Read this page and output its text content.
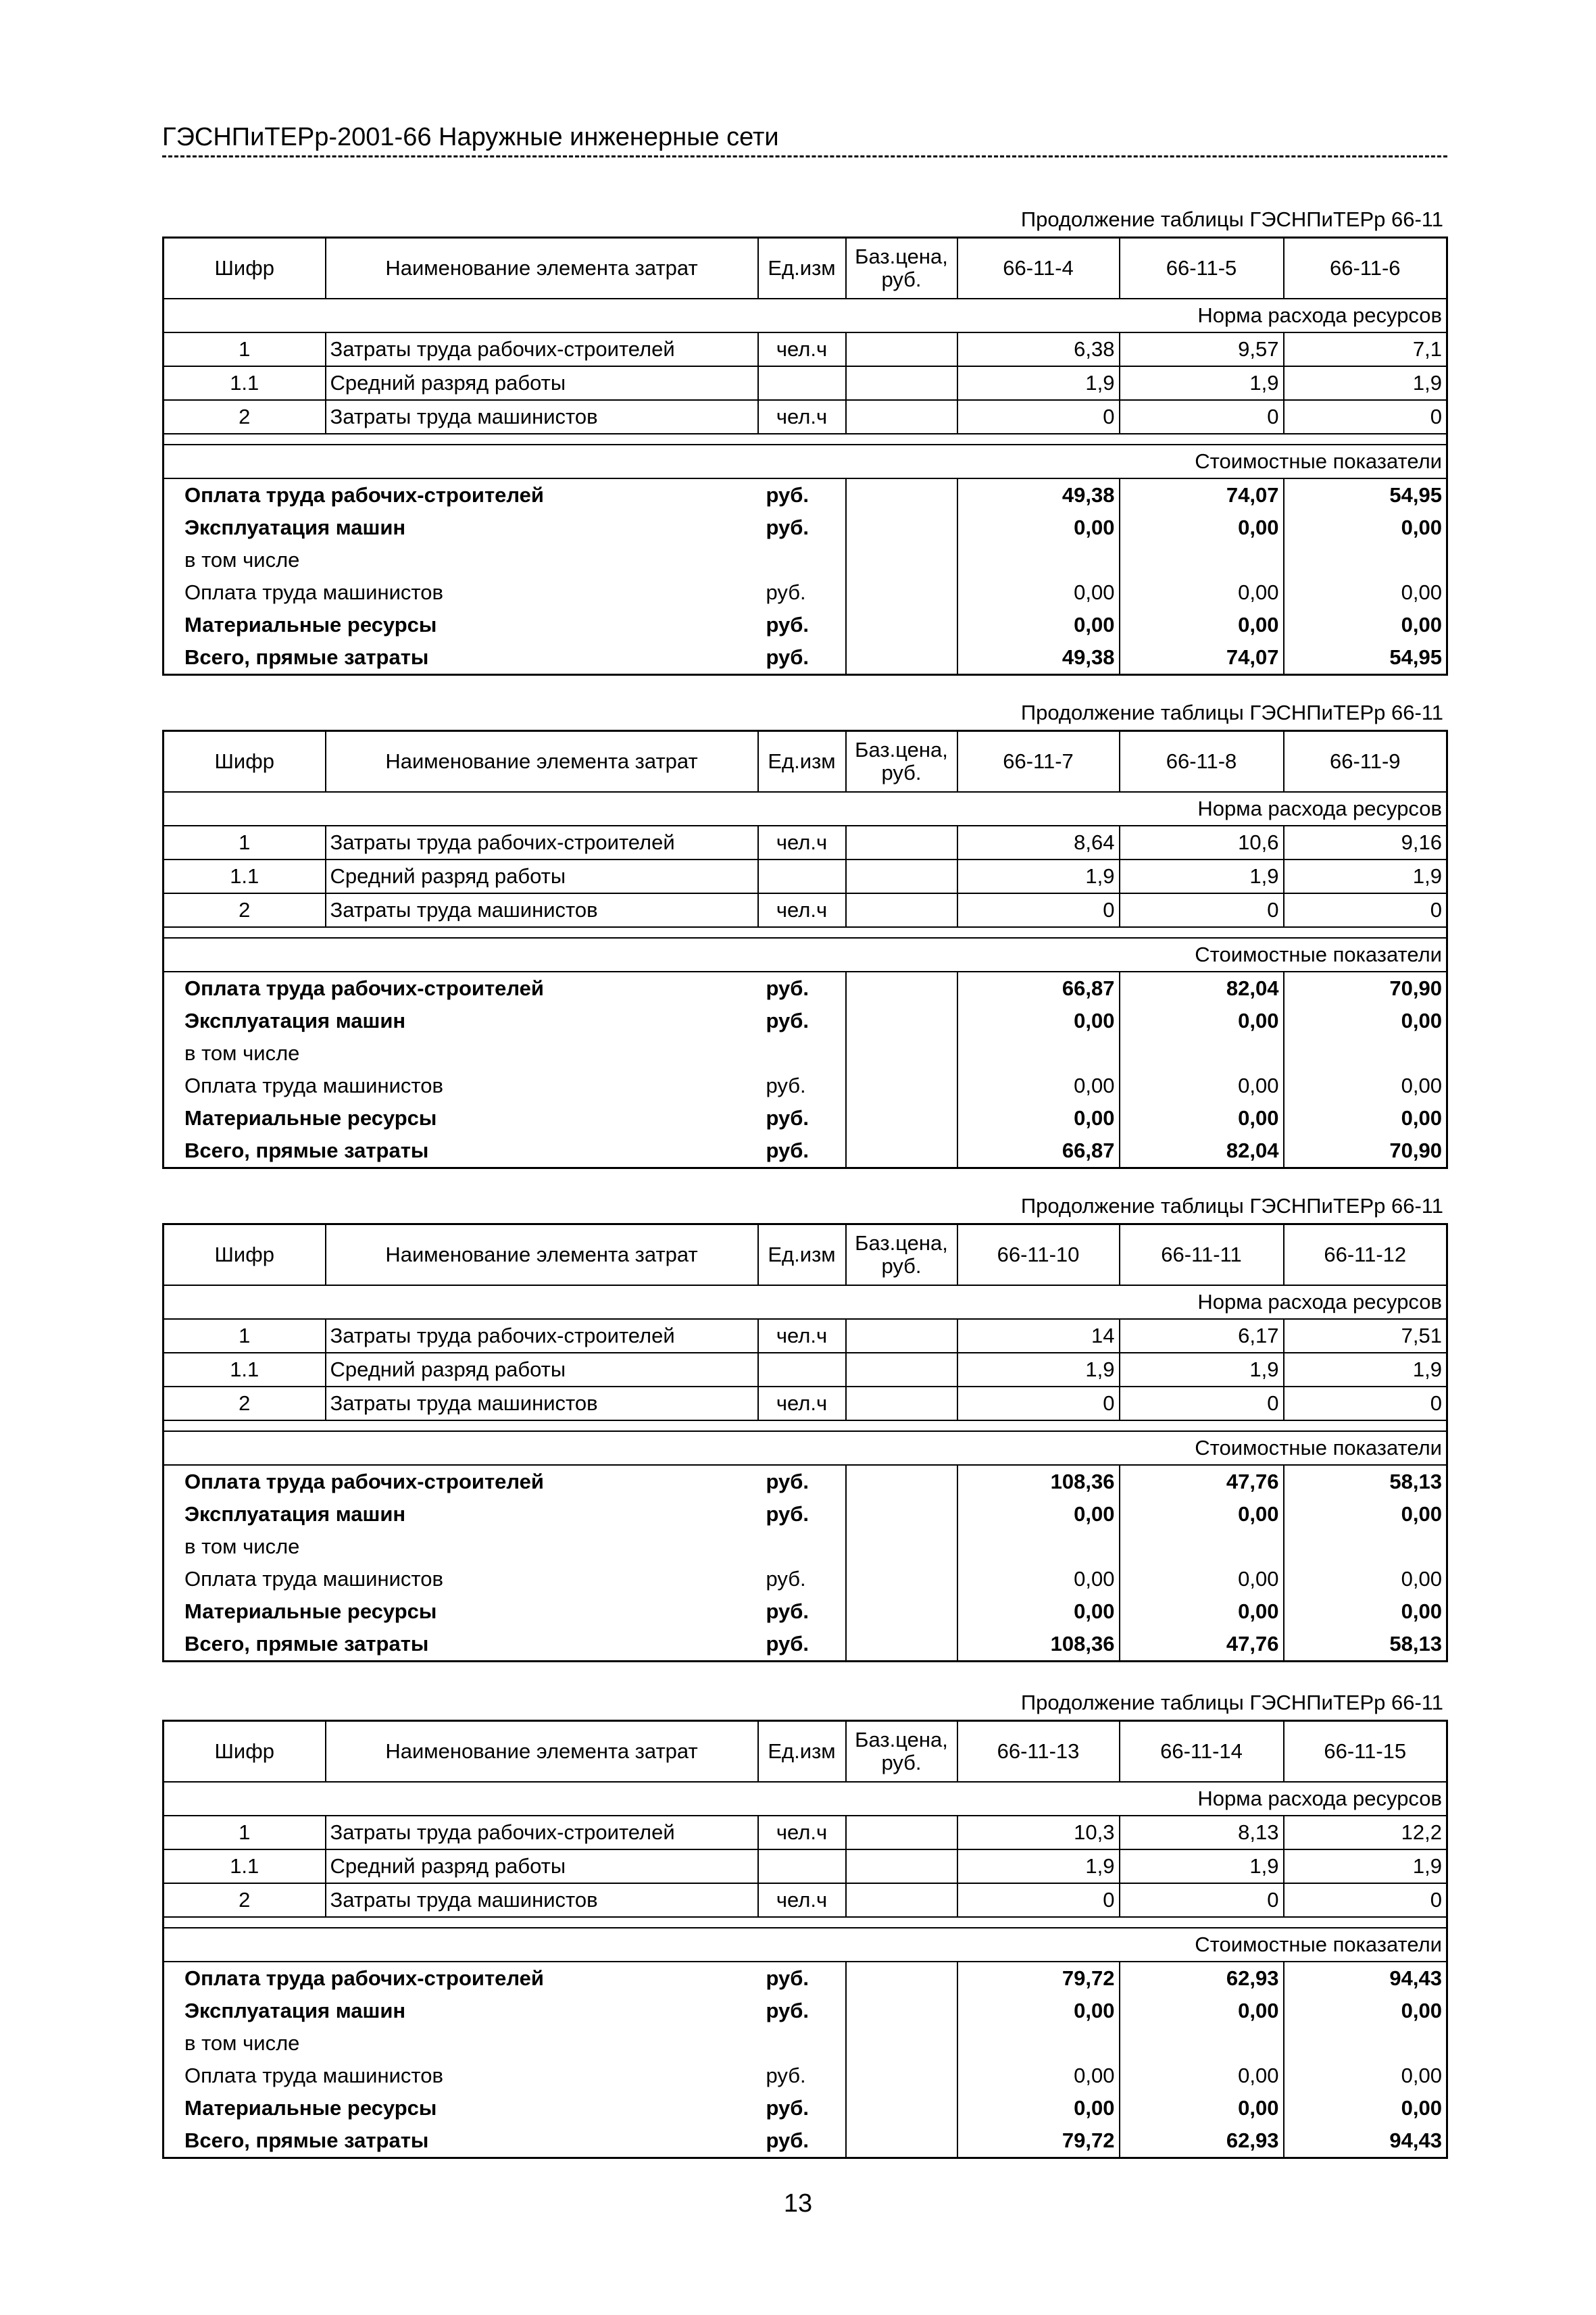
ГЭСНПиТЕРр-2001-66 Наружные инженерные сети
Продолжение таблицы ГЭСНПиТЕРр 66-11
Шифр	Наименование элемента затрат	Ед.изм	Баз.цена, руб.	66-11-4	66-11-5	66-11-6
Норма расхода ресурсов						
1	Затраты труда рабочих-строителей	чел.ч		6,38	9,57	7,1
1.1	Средний разряд работы			1,9	1,9	1,9
2	Затраты труда машинистов	чел.ч		0	0	0

Стоимостные показатели						
Оплата труда рабочих-строителей		руб.		49,38	74,07	54,95
Эксплуатация машин		руб.		0,00	0,00	0,00
в том числе						
Оплата труда машинистов		руб.		0,00	0,00	0,00
Материальные ресурсы		руб.		0,00	0,00	0,00
Всего, прямые затраты		руб.		49,38	74,07	54,95
Продолжение таблицы ГЭСНПиТЕРр 66-11
Шифр	Наименование элемента затрат	Ед.изм	Баз.цена, руб.	66-11-7	66-11-8	66-11-9
Норма расхода ресурсов						
1	Затраты труда рабочих-строителей	чел.ч		8,64	10,6	9,16
1.1	Средний разряд работы			1,9	1,9	1,9
2	Затраты труда машинистов	чел.ч		0	0	0

Стоимостные показатели						
Оплата труда рабочих-строителей		руб.		66,87	82,04	70,90
Эксплуатация машин		руб.		0,00	0,00	0,00
в том числе						
Оплата труда машинистов		руб.		0,00	0,00	0,00
Материальные ресурсы		руб.		0,00	0,00	0,00
Всего, прямые затраты		руб.		66,87	82,04	70,90
Продолжение таблицы ГЭСНПиТЕРр 66-11
Шифр	Наименование элемента затрат	Ед.изм	Баз.цена, руб.	66-11-10	66-11-11	66-11-12
Норма расхода ресурсов						
1	Затраты труда рабочих-строителей	чел.ч		14	6,17	7,51
1.1	Средний разряд работы			1,9	1,9	1,9
2	Затраты труда машинистов	чел.ч		0	0	0

Стоимостные показатели						
Оплата труда рабочих-строителей		руб.		108,36	47,76	58,13
Эксплуатация машин		руб.		0,00	0,00	0,00
в том числе						
Оплата труда машинистов		руб.		0,00	0,00	0,00
Материальные ресурсы		руб.		0,00	0,00	0,00
Всего, прямые затраты		руб.		108,36	47,76	58,13
Продолжение таблицы ГЭСНПиТЕРр 66-11
Шифр	Наименование элемента затрат	Ед.изм	Баз.цена, руб.	66-11-13	66-11-14	66-11-15
Норма расхода ресурсов						
1	Затраты труда рабочих-строителей	чел.ч		10,3	8,13	12,2
1.1	Средний разряд работы			1,9	1,9	1,9
2	Затраты труда машинистов	чел.ч		0	0	0

Стоимостные показатели						
Оплата труда рабочих-строителей		руб.		79,72	62,93	94,43
Эксплуатация машин		руб.		0,00	0,00	0,00
в том числе						
Оплата труда машинистов		руб.		0,00	0,00	0,00
Материальные ресурсы		руб.		0,00	0,00	0,00
Всего, прямые затраты		руб.		79,72	62,93	94,43
13
